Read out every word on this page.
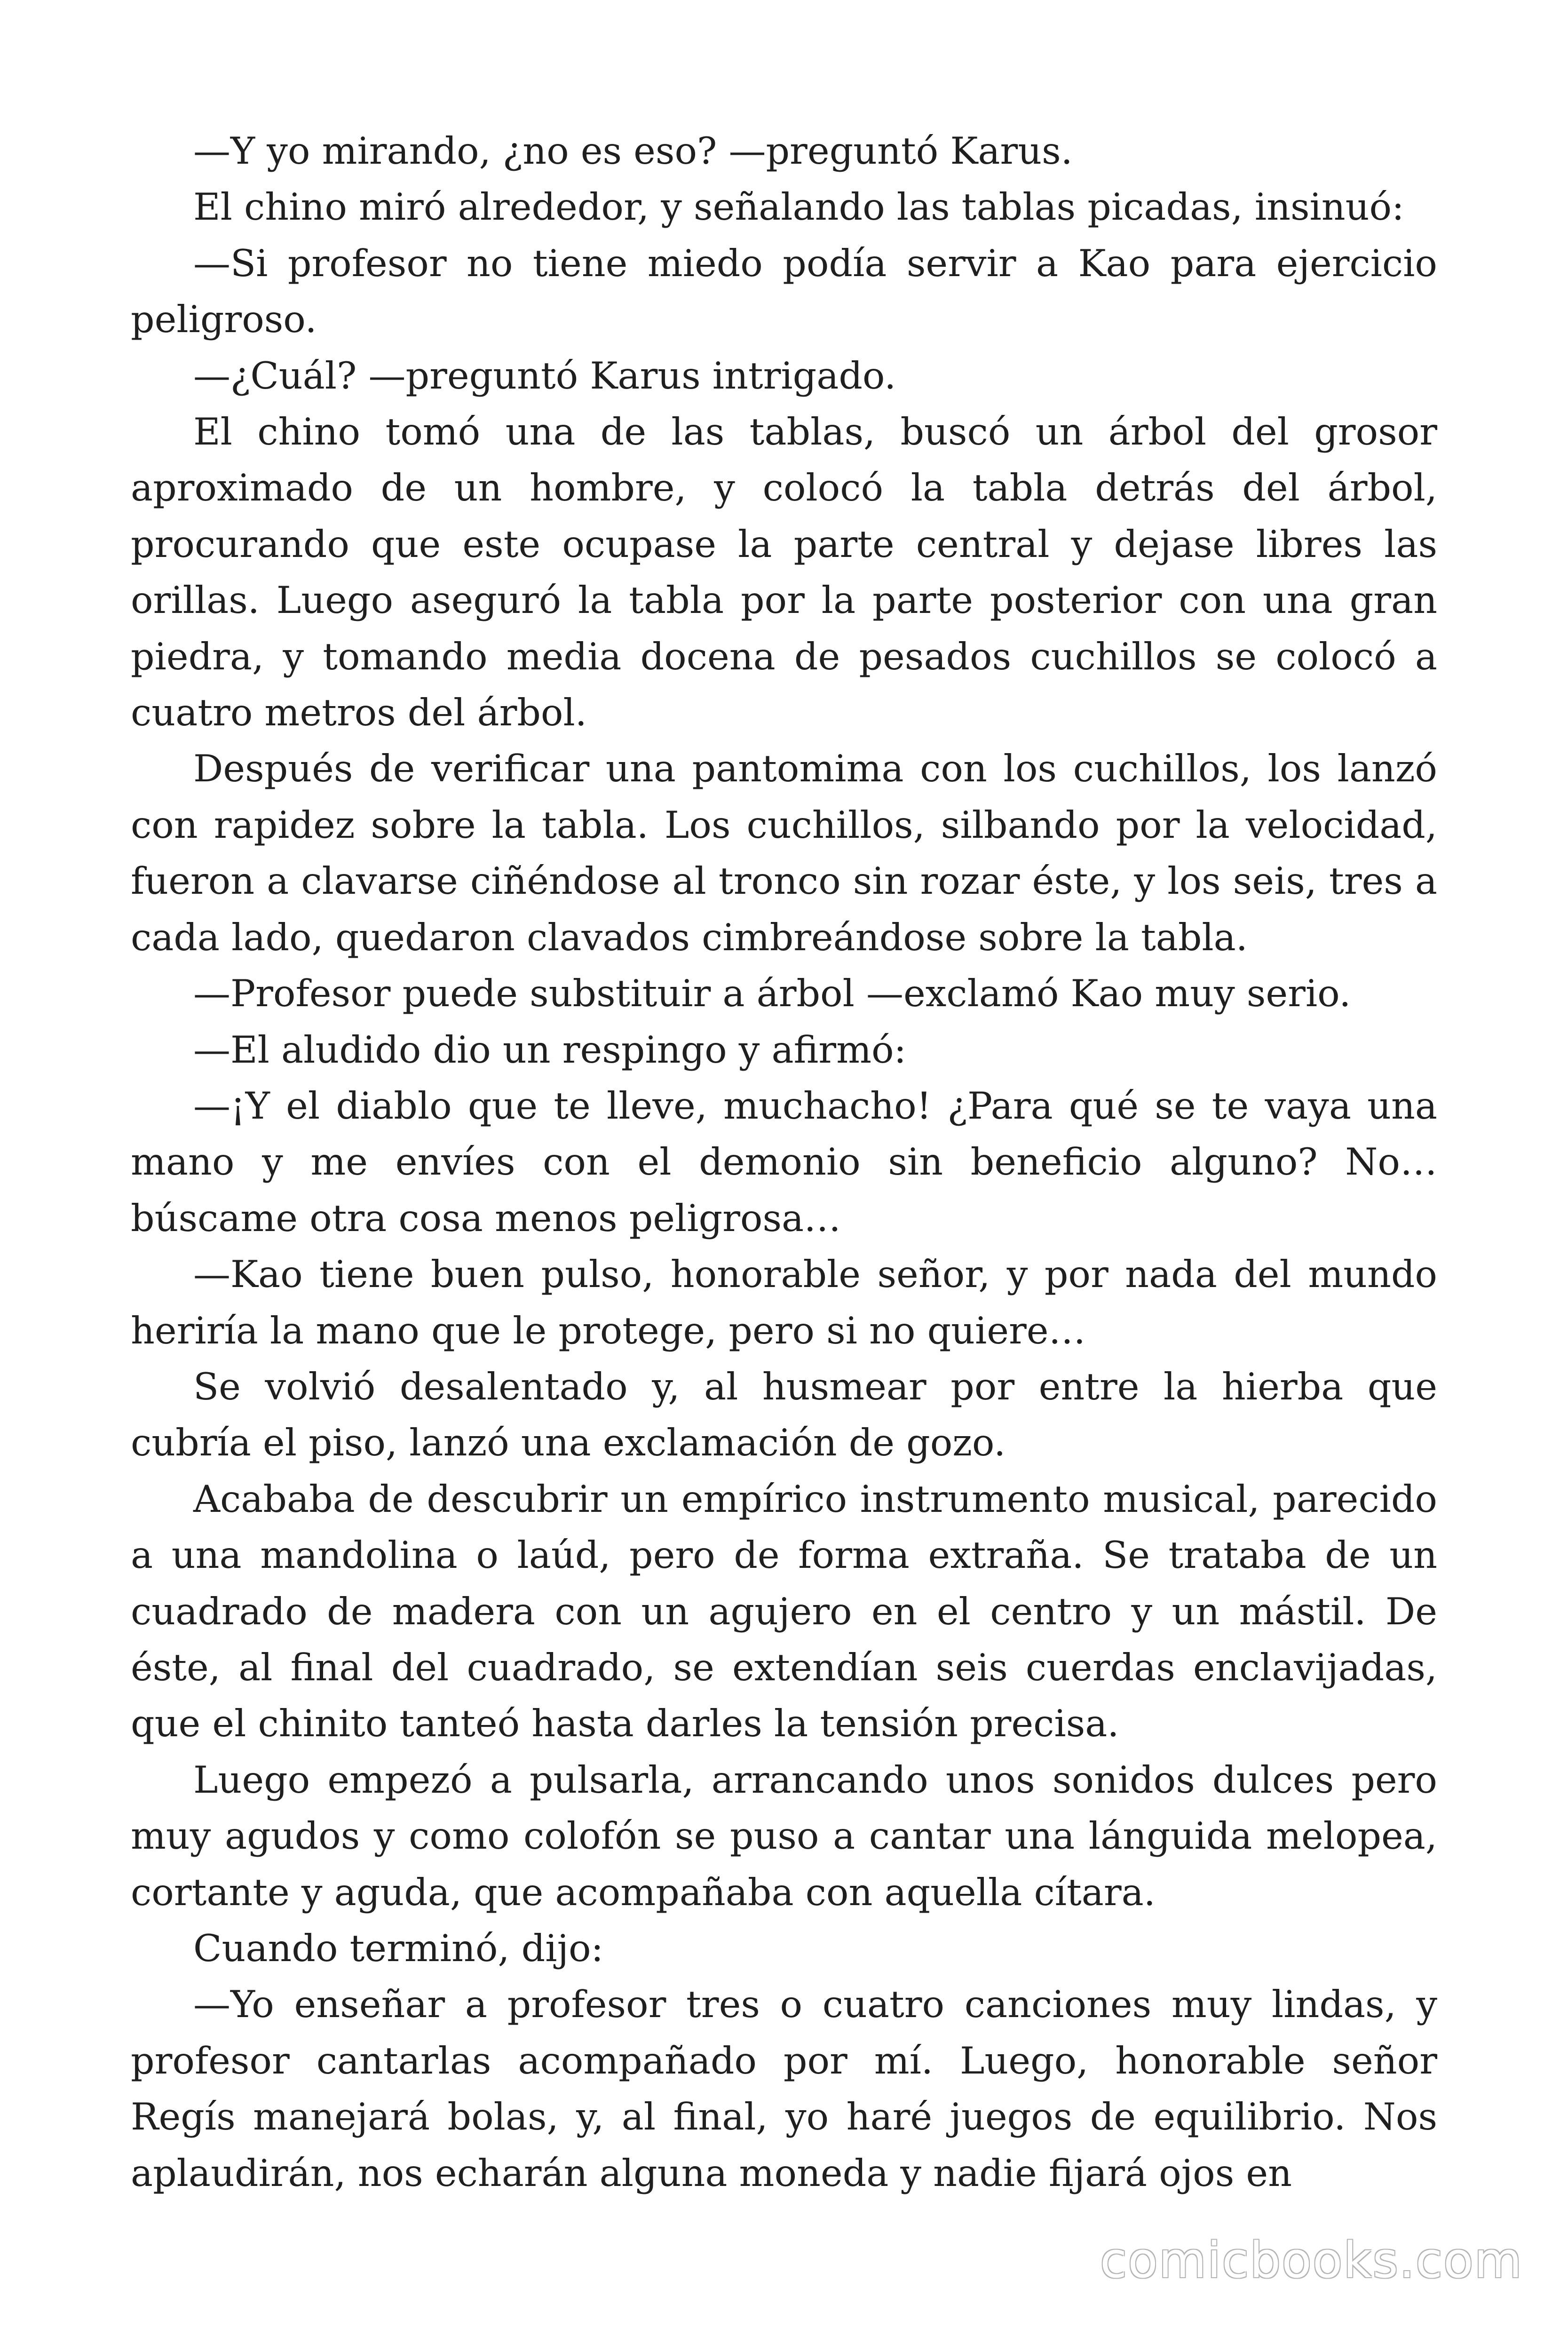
—Y yo mirando, ¿no es eso? —preguntó Karus.

El chino miró alrededor, y señalando las tablas picadas, insinuó:

—Si profesor no tiene miedo podía servir a Kao para ejercicio peligroso.

—¿Cuál? —preguntó Karus intrigado.

El chino tomó una de las tablas, buscó un árbol del grosor aproximado de un hombre, y colocó la tabla detrás del árbol, procurando que este ocupase la parte central y dejase libres las orillas. Luego aseguró la tabla por la parte posterior con una gran piedra, y tomando media docena de pesados cuchillos se colocó a cuatro metros del árbol.

Después de verificar una pantomima con los cuchillos, los lanzó con rapidez sobre la tabla. Los cuchillos, silbando por la velocidad, fueron a clavarse ciñéndose al tronco sin rozar éste, y los seis, tres a cada lado, quedaron clavados cimbreándose sobre la tabla.

—Profesor puede substituir a árbol —exclamó Kao muy serio.

—El aludido dio un respingo y afirmó:

—¡Y el diablo que te lleve, muchacho! ¿Para qué se te vaya una mano y me envíes con el demonio sin beneficio alguno? No… búscame otra cosa menos peligrosa…

—Kao tiene buen pulso, honorable señor, y por nada del mundo heriría la mano que le protege, pero si no quiere…

Se volvió desalentado y, al husmear por entre la hierba que cubría el piso, lanzó una exclamación de gozo.

Acababa de descubrir un empírico instrumento musical, parecido a una mandolina o laúd, pero de forma extraña. Se trataba de un cuadrado de madera con un agujero en el centro y un mástil. De éste, al final del cuadrado, se extendían seis cuerdas enclavijadas, que el chinito tanteó hasta darles la tensión precisa.

Luego empezó a pulsarla, arrancando unos sonidos dulces pero muy agudos y como colofón se puso a cantar una lánguida melopea, cortante y aguda, que acompañaba con aquella cítara.

Cuando terminó, dijo:

—Yo enseñar a profesor tres o cuatro canciones muy lindas, y profesor cantarlas acompañado por mí. Luego, honorable señor Regís manejará bolas, y, al final, yo haré juegos de equilibrio. Nos aplaudirán, nos echarán alguna moneda y nadie fijará ojos en

comicbooks.com
